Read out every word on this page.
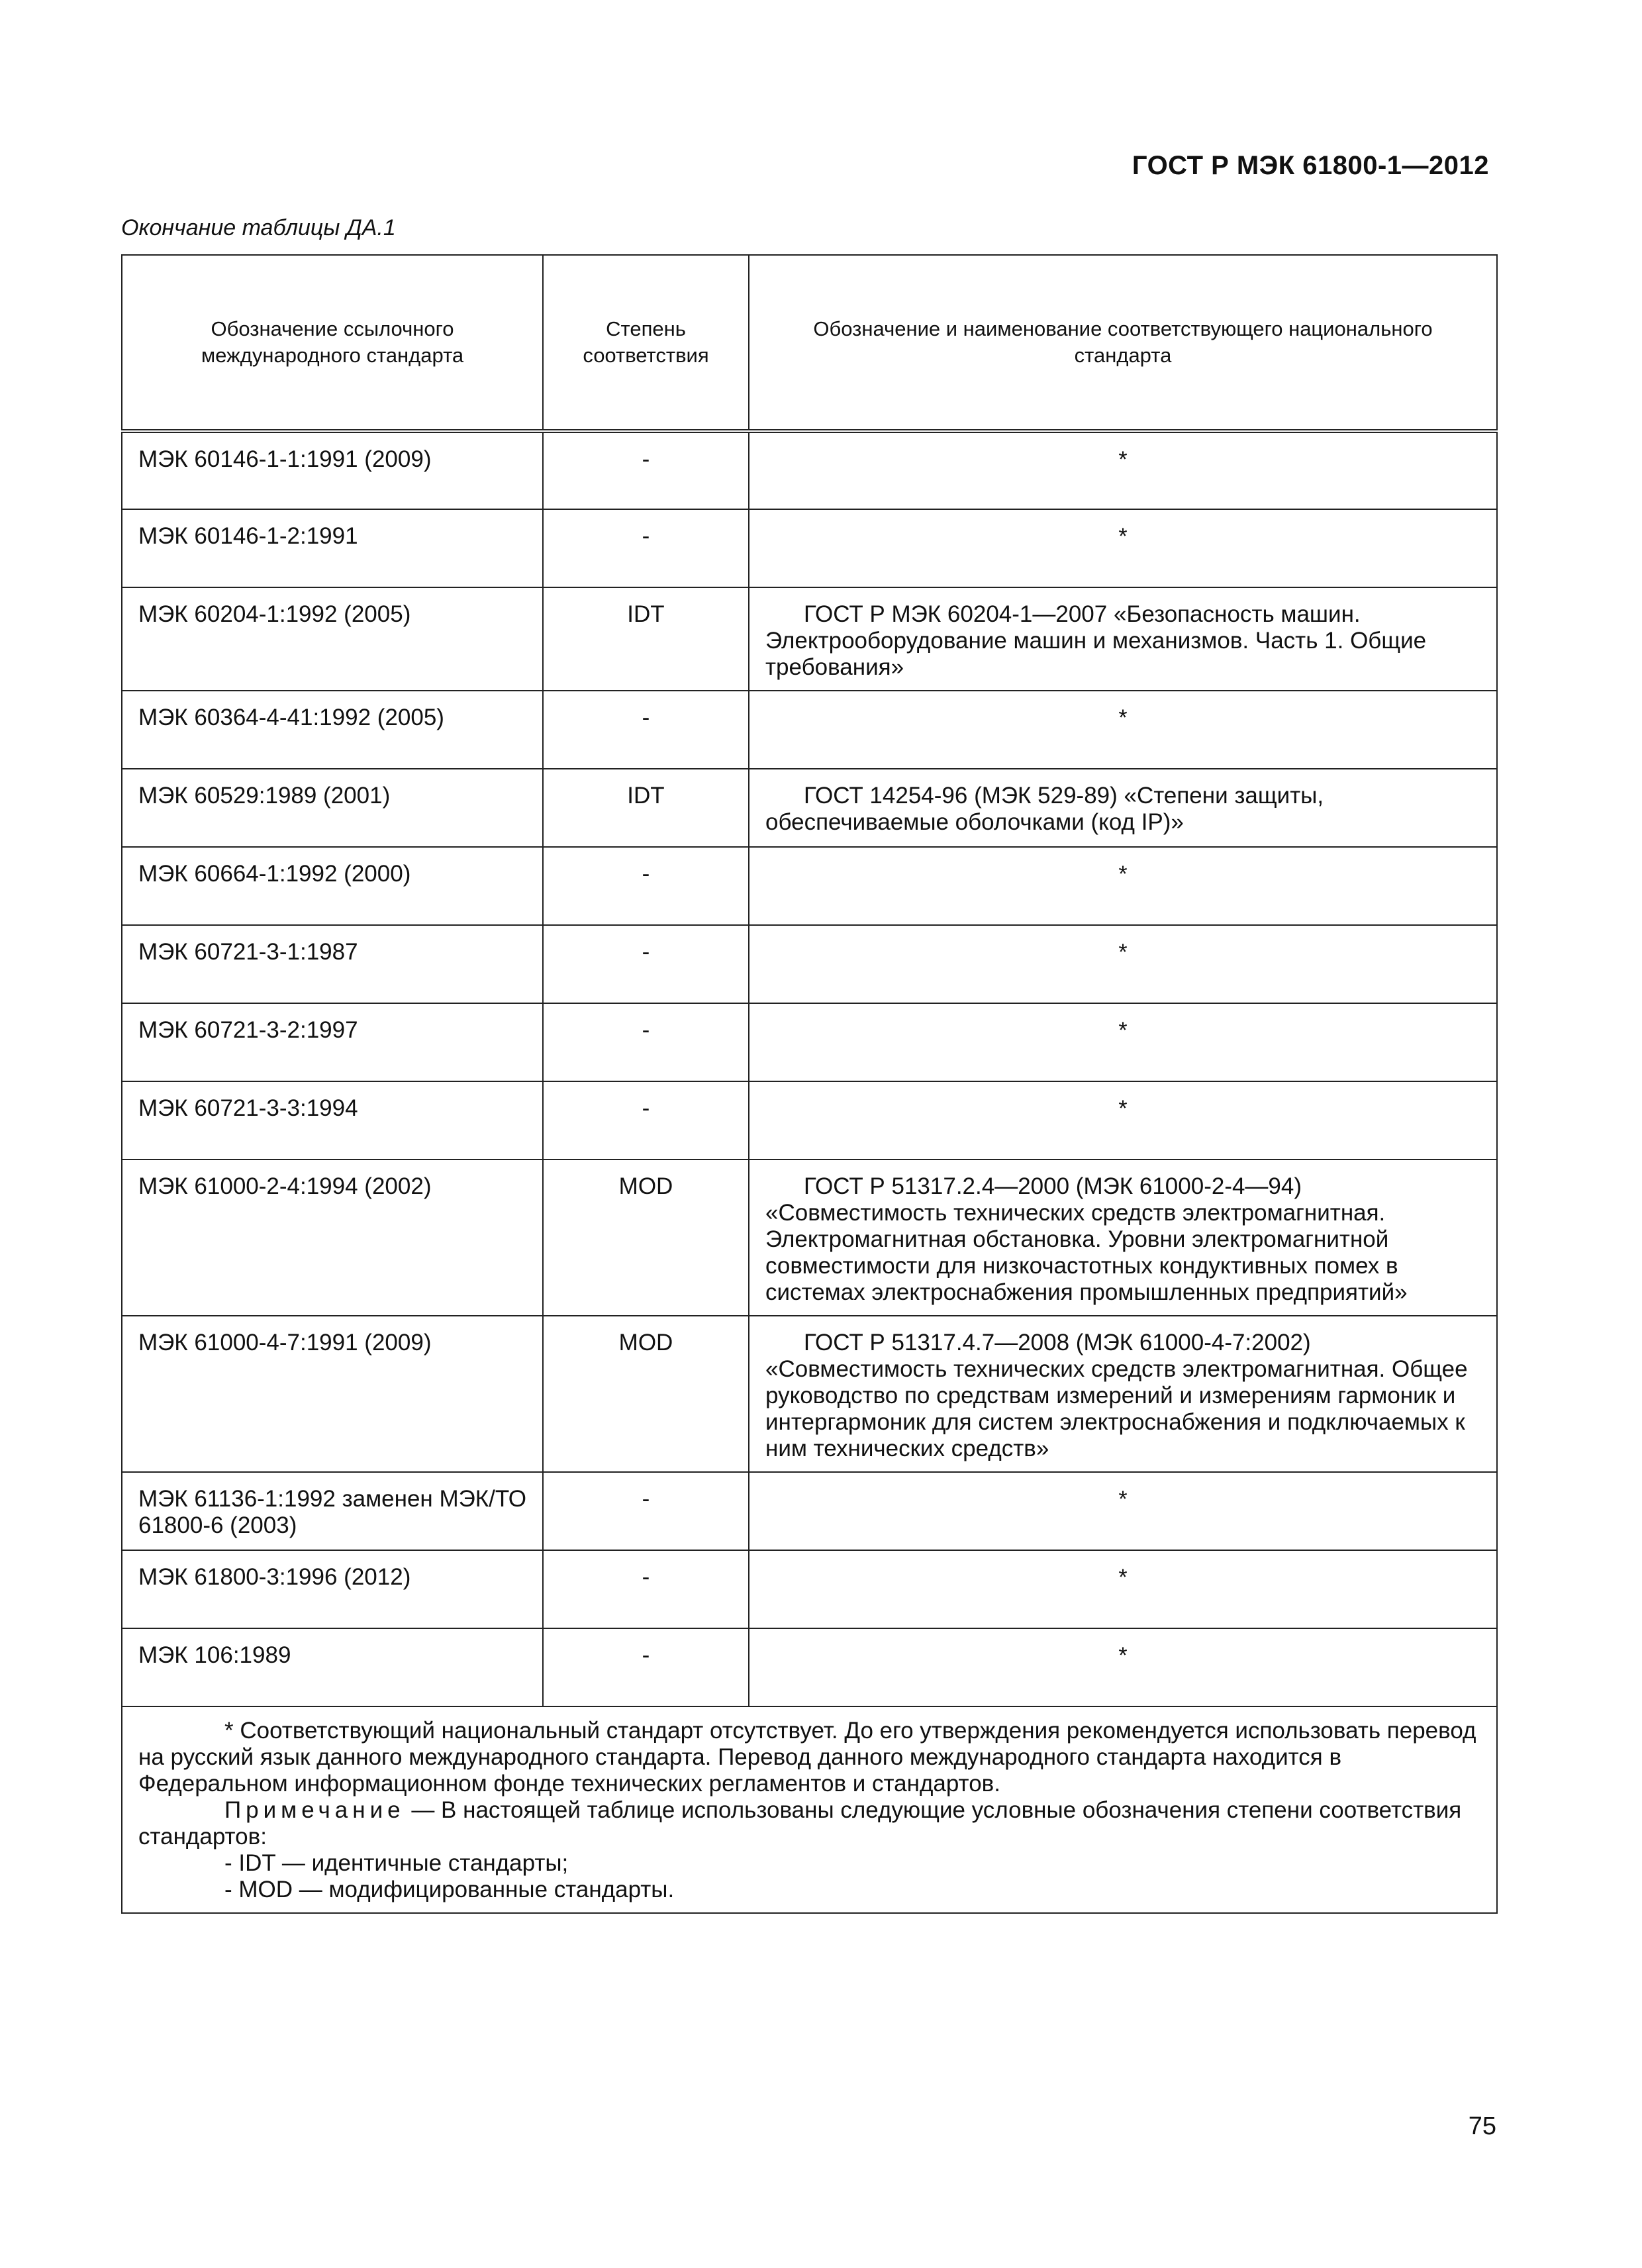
ГОСТ Р МЭК 61800-1—2012
Окончание таблицы ДА.1
Обозначение ссылочного международного стандарта	Степень соответствия	Обозначение и наименование соответствующего национального стандарта
МЭК 60146-1-1:1991 (2009)	-	*

МЭК 60146-1-2:1991	-	*

МЭК 60204-1:1992 (2005)	IDT	ГОСТ Р МЭК 60204-1—2007 «Безопасность машин. Электрооборудование машин и механизмов. Часть 1. Общие требования»
МЭК 60364-4-41:1992 (2005)	-	*

МЭК 60529:1989 (2001)	IDT	ГОСТ 14254-96 (МЭК 529-89) «Степени защиты, обеспечиваемые оболочками (код IP)»
МЭК 60664-1:1992 (2000)	-	*

МЭК 60721-3-1:1987	-	*

МЭК 60721-3-2:1997	-	*

МЭК 60721-3-3:1994	-	*

МЭК 61000-2-4:1994 (2002)	MOD	ГОСТ Р 51317.2.4—2000 (МЭК 61000-2-4—94) «Совместимость технических средств электромагнитная. Электромагнитная обстановка. Уровни электромагнитной совместимости для низкочастотных кондуктивных помех в системах электроснабжения промышленных предприятий»
МЭК 61000-4-7:1991 (2009)	MOD	ГОСТ Р 51317.4.7—2008 (МЭК 61000-4-7:2002) «Совместимость технических средств электромагнитная. Общее руководство по средствам измерений и измерениям гармоник и интергармоник для систем электроснабжения и подключаемых к ним технических средств»
МЭК 61136-1:1992 заменен МЭК/ТО 61800-6 (2003)	-	*

МЭК 61800-3:1996 (2012)	-	*

МЭК 106:1989	-	*

* Соответствующий национальный стандарт отсутствует. До его утверждения рекомендуется использовать перевод на русский язык данного международного стандарта. Перевод данного международного стандарта находится в Федеральном информационном фонде технических регламентов и стандартов.

Примечание — В настоящей таблице использованы следующие условные обозначения степени соответствия стандартов:

- IDT — идентичные стандарты;

- MOD — модифицированные стандарты.		

75
